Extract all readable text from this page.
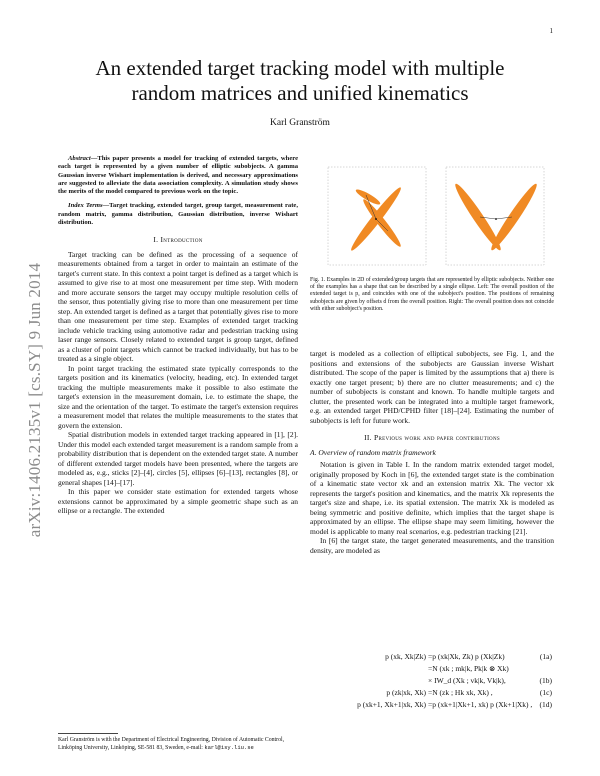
1
arXiv:1406.2135v1 [cs.SY] 9 Jun 2014
An extended target tracking model with multiple
random matrices and unified kinematics
Karl Granström

Abstract—This paper presents a model for tracking of extended targets, where each target is represented by a given number of elliptic subobjects. A gamma Gaussian inverse Wishart implementation is derived, and necessary approximations are suggested to alleviate the data association complexity. A simulation study shows the merits of the model compared to previous work on the topic.

Index Terms—Target tracking, extended target, group target, measurement rate, random matrix, gamma distribution, Gaussian distribution, inverse Wishart distribution.

I. Introduction

Target tracking can be defined as the processing of a sequence of measurements obtained from a target in order to maintain an estimate of the target's current state. In this context a point target is defined as a target which is assumed to give rise to at most one measurement per time step. With modern and more accurate sensors the target may occupy multiple resolution cells of the sensor, thus potentially giving rise to more than one measurement per time step. An extended target is defined as a target that potentially gives rise to more than one measurement per time step. Examples of extended target tracking include vehicle tracking using automotive radar and pedestrian tracking using laser range sensors. Closely related to extended target is group target, defined as a cluster of point targets which cannot be tracked individually, but has to be treated as a single object.

In point target tracking the estimated state typically corresponds to the targets position and its kinematics (velocity, heading, etc). In extended target tracking the multiple measurements make it possible to also estimate the target's extension in the measurement domain, i.e. to estimate the shape, the size and the orientation of the target. To estimate the target's extension requires a measurement model that relates the multiple measurements to the states that govern the extension.

Spatial distribution models in extended target tracking appeared in [1], [2]. Under this model each extended target measurement is a random sample from a probability distribution that is dependent on the extended target state. A number of different extended target models have been presented, where the targets are modeled as, e.g., sticks [2]–[4], circles [5], ellipses [6]–[13], rectangles [8], or general shapes [14]–[17].

In this paper we consider state estimation for extended targets whose extensions cannot be approximated by a simple geometric shape such as an ellipse or a rectangle. The extended

Karl Granström is with the Department of Electrical Engineering, Division of Automatic Control, Linköping University, Linköping, SE-581 83, Sweden, e-mail: karl@isy.liu.se
Fig. 1. Examples in 2D of extended/group targets that are represented by elliptic subobjects. Neither one of the examples has a shape that can be described by a single ellipse. Left: The overall position of the extended target is p, and coincides with one of the subobject's position. The positions of remaining subobjects are given by offsets d from the overall position. Right: The overall position does not coincide with either subobject's position.

target is modeled as a collection of elliptical subobjects, see Fig. 1, and the positions and extensions of the subobjects are Gaussian inverse Wishart distributed. The scope of the paper is limited by the assumptions that a) there is exactly one target present; b) there are no clutter measurements; and c) the number of subobjects is constant and known. To handle multiple targets and clutter, the presented work can be integrated into a multiple target framework, e.g. an extended target PHD/CPHD filter [18]–[24]. Estimating the number of subobjects is left for future work.

II. Previous work and paper contributions
A. Overview of random matrix framework

Notation is given in Table I. In the random matrix extended target model, originally proposed by Koch in [6], the extended target state is the combination of a kinematic state vector xk and an extension matrix Xk. The vector xk represents the target's position and kinematics, and the matrix Xk represents the target's size and shape, i.e. its spatial extension. The matrix Xk is modeled as being symmetric and positive definite, which implies that the target shape is approximated by an ellipse. The ellipse shape may seem limiting, however the model is applicable to many real scenarios, e.g. pedestrian tracking [21].

In [6] the target state, the target generated measurements, and the transition density, are modeled as

p (xk, Xk|Zk) =p (xk|Xk, Zk) p (Xk|Zk)	(1a)
=N (xk ; mk|k, Pk|k ⊗ Xk)
× IW_d (Xk ; vk|k, Vk|k),	(1b)
p (zk|xk, Xk) =N (zk ; Hk xk, Xk) ,	(1c)
p (xk+1, Xk+1|xk, Xk) =p (xk+1|Xk+1, xk) p (Xk+1|Xk) , (1d)
